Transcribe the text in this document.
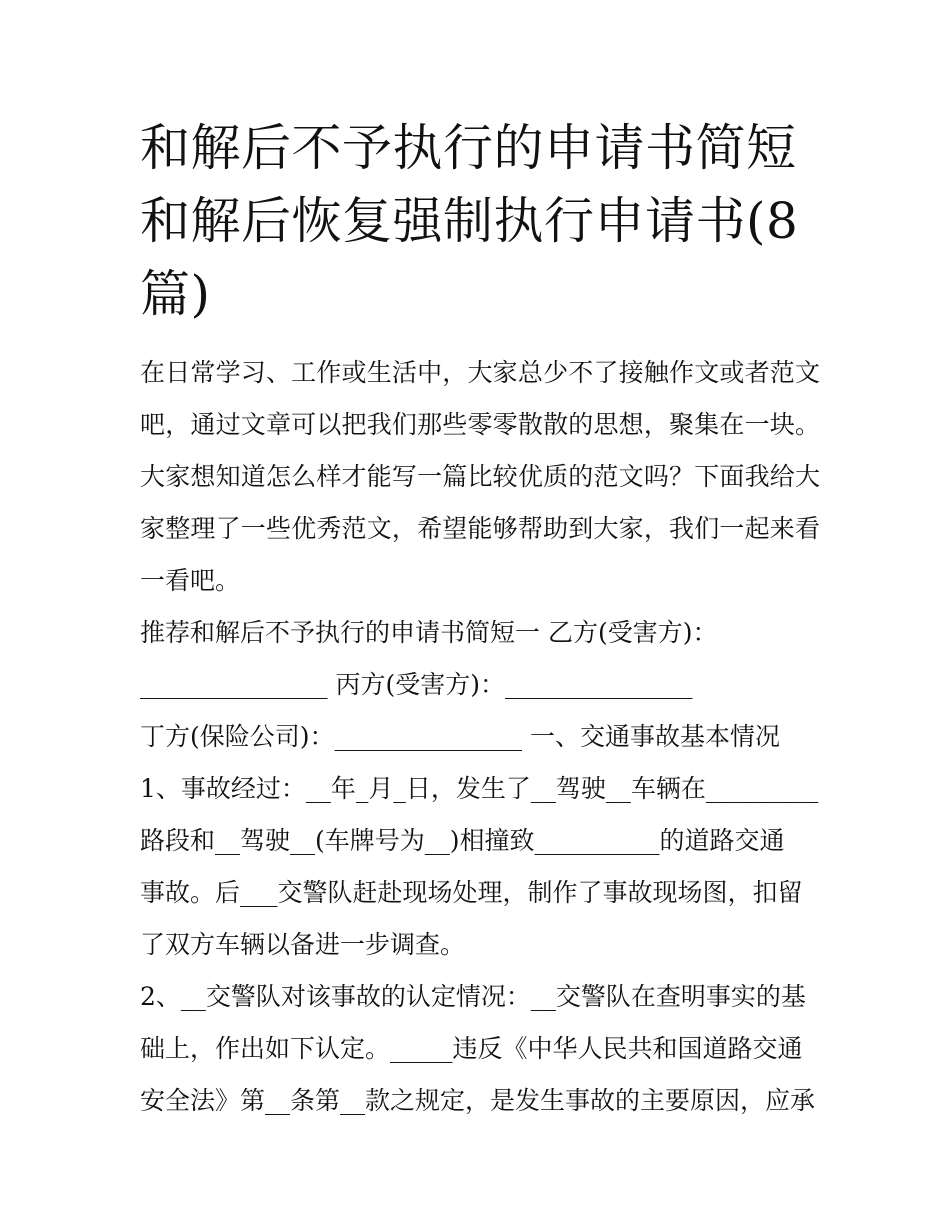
和解后不予执行的申请书简短
和解后恢复强制执行申请书(8
篇)

在日常学习、工作或生活中，大家总少不了接触作文或者范文吧，通过文章可以把我们那些零零散散的思想，聚集在一块。大家想知道怎么样才能写一篇比较优质的范文吗？下面我给大家整理了一些优秀范文，希望能够帮助到大家，我们一起来看一看吧。

推荐和解后不予执行的申请书简短一 乙方(受害方)：

_______________ 丙方(受害方)：_______________

丁方(保险公司)：_______________ 一、交通事故基本情况

1、事故经过：__年_月_日，发生了__驾驶__车辆在_________

路段和__驾驶__(车牌号为__)相撞致__________的道路交通

事故。后___交警队赶赴现场处理，制作了事故现场图，扣留

了双方车辆以备进一步调查。

2、__交警队对该事故的认定情况：__交警队在查明事实的基

础上，作出如下认定。_____违反《中华人民共和国道路交通

安全法》第__条第__款之规定，是发生事故的主要原因，应承
